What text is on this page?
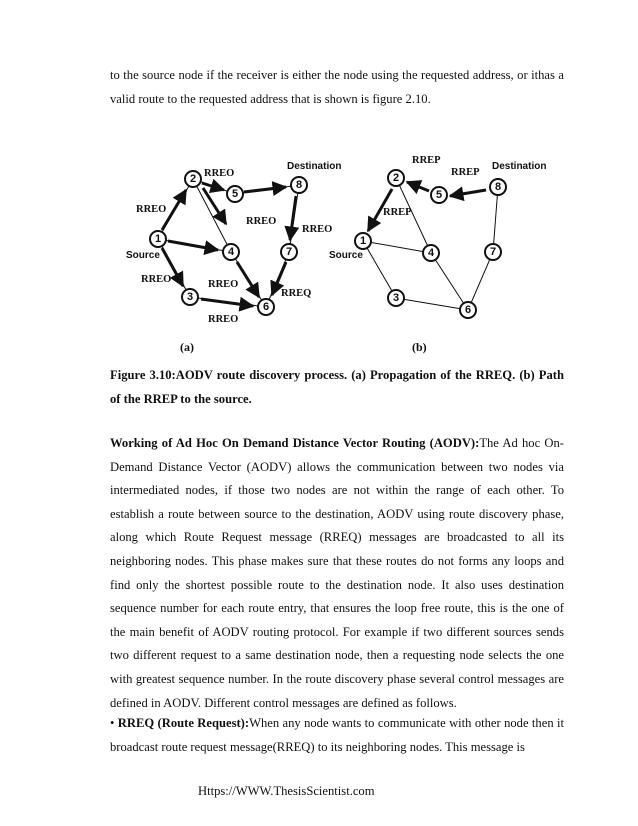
to the source node if the receiver is either the node using the requested address, or ithas a valid route to the requested address that is shown is figure 2.10.
1
2
3
4
5
6
7
8
Destination
Source
RREO
RREO
RREO
RREO
RREO	RREO
RREQ
RREO
(a)
1
2
3
4
5
6
7
8
Destination
Source
RREP
RREP
RREP
(b)
Figure 3.10:AODV route discovery process. (a) Propagation of the RREQ. (b) Path of the RREP to the source.
Working of Ad Hoc On Demand Distance Vector Routing (AODV):The Ad hoc On-Demand Distance Vector (AODV) allows the communication between two nodes via intermediated nodes, if those two nodes are not within the range of each other. To establish a route between source to the destination, AODV using route discovery phase, along which Route Request message (RREQ) messages are broadcasted to all its neighboring nodes. This phase makes sure that these routes do not forms any loops and find only the shortest possible route to the destination node. It also uses destination sequence number for each route entry, that ensures the loop free route, this is the one of the main benefit of AODV routing protocol. For example if two different sources sends two different request to a same destination node, then a requesting node selects the one with greatest sequence number. In the route discovery phase several control messages are defined in AODV. Different control messages are defined as follows.
• RREQ (Route Request):When any node wants to communicate with other node then it broadcast route request message(RREQ) to its neighboring nodes. This message is
Https://WWW.ThesisScientist.com
